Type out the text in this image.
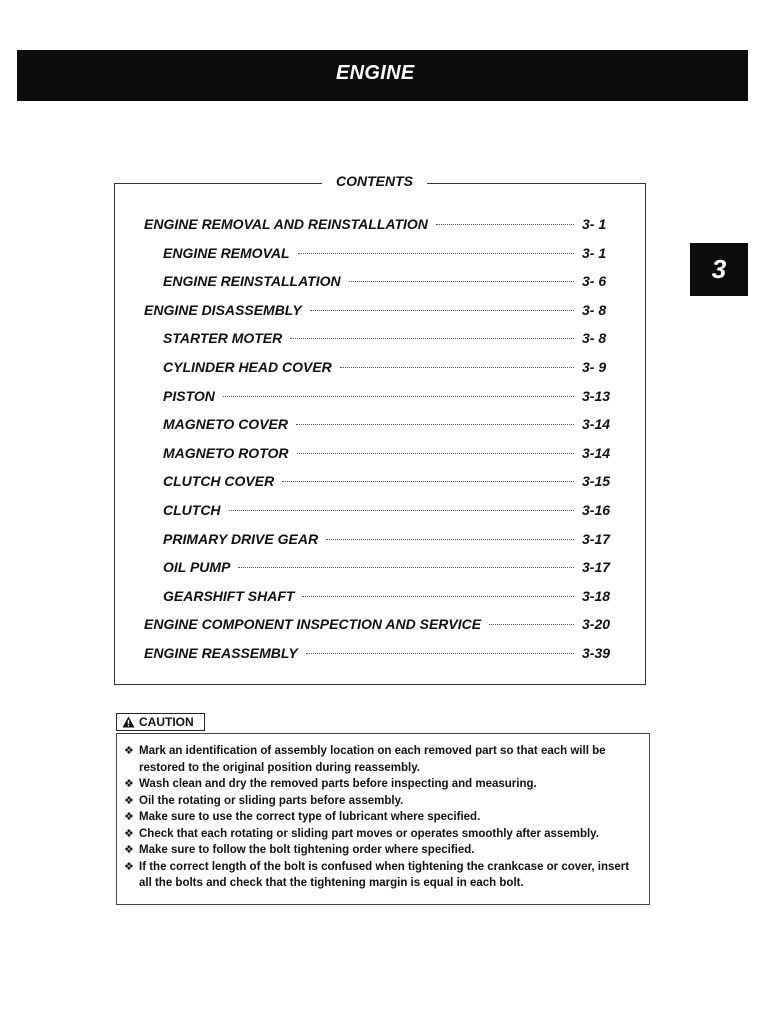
ENGINE
3
CONTENTS
ENGINE REMOVAL AND REINSTALLATION	3- 1
ENGINE REMOVAL	3- 1
ENGINE REINSTALLATION	3- 6
ENGINE DISASSEMBLY	3- 8
STARTER MOTER	3- 8
CYLINDER HEAD COVER	3- 9
PISTON	3-13
MAGNETO COVER	3-14
MAGNETO ROTOR	3-14
CLUTCH COVER	3-15
CLUTCH	3-16
PRIMARY DRIVE GEAR	3-17
OIL PUMP	3-17
GEARSHIFT SHAFT	3-18
ENGINE COMPONENT INSPECTION AND SERVICE	3-20
ENGINE REASSEMBLY	3-39
CAUTION
❖ Mark an identification of assembly location on each removed part so that each will be restored to the original position during reassembly.
❖ Wash clean and dry the removed parts before inspecting and measuring.
❖ Oil the rotating or sliding parts before assembly.
❖ Make sure to use the correct type of lubricant where specified.
❖ Check that each rotating or sliding part moves or operates smoothly after assembly.
❖ Make sure to follow the bolt tightening order where specified.
❖ If the correct length of the bolt is confused when tightening the crankcase or cover, insert all the bolts and check that the tightening margin is equal in each bolt.
